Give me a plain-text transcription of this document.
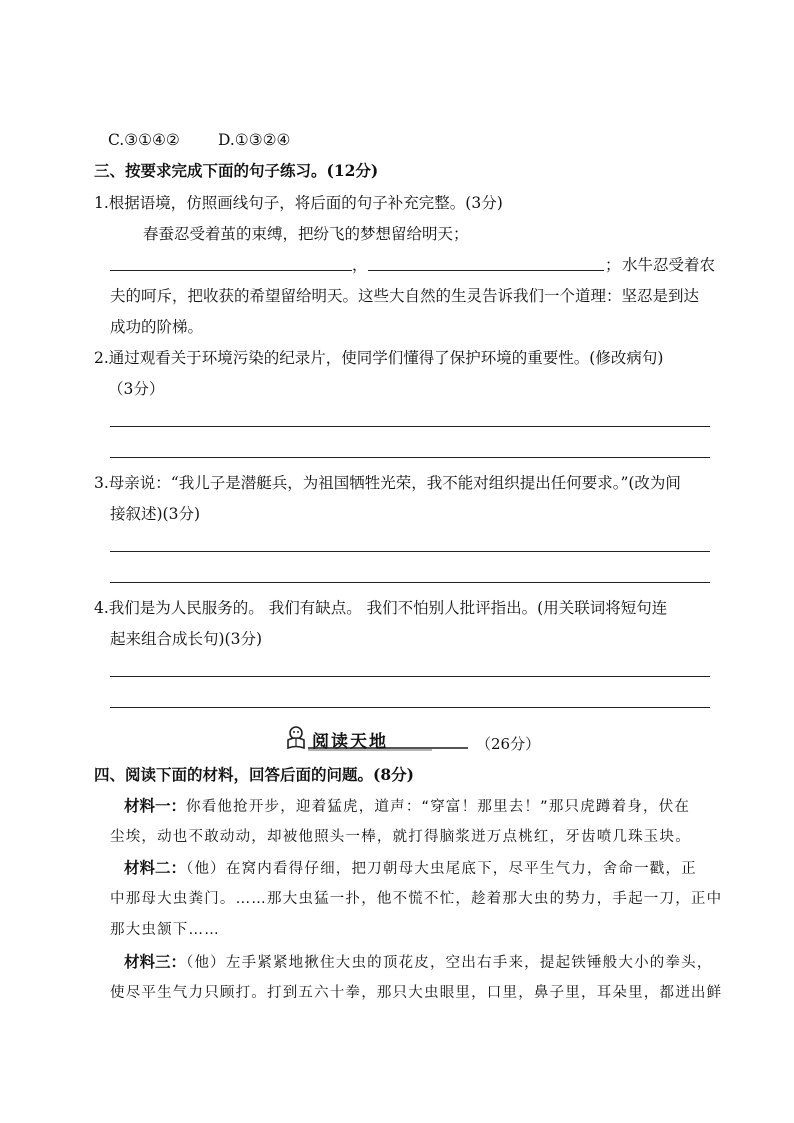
C.③①④② D.①③②④
三、按要求完成下面的句子练习。(12分)
1.根据语境，仿照画线句子，将后面的句子补充完整。(3分)
春蚕忍受着茧的束缚，把纷飞的梦想留给明天；
，	； 水牛忍受着农
夫的呵斥，把收获的希望留给明天。这些大自然的生灵告诉我们一个道理：坚忍是到达
成功的阶梯。
2.通过观看关于环境污染的纪录片，使同学们懂得了保护环境的重要性。(修改病句)
（3分）
3.母亲说：“我儿子是潜艇兵，为祖国牺牲光荣，我不能对组织提出任何要求。”(改为间
接叙述)(3分)
4.我们是为人民服务的。 我们有缺点。 我们不怕别人批评指出。(用关联词将短句连
起来组合成长句)(3分)
阅读天地	（26分）
四、阅读下面的材料，回答后面的问题。(8分)
材料一：你看他抢开步，迎着猛虎，道声：“穿富！那里去！”那只虎蹲着身，伏在
尘埃，动也不敢动动，却被他照头一棒，就打得脑浆迸万点桃红，牙齿喷几珠玉块。
材料二：（他）在窝内看得仔细，把刀朝母大虫尾底下，尽平生气力，舍命一戳，正
中那母大虫粪门。……那大虫猛一扑，他不慌不忙，趁着那大虫的势力，手起一刀，正中
那大虫颔下……
材料三：（他）左手紧紧地揪住大虫的顶花皮，空出右手来，提起铁锤般大小的拳头，
使尽平生气力只顾打。打到五六十拳，那只大虫眼里，口里，鼻子里，耳朵里，都迸出鲜
